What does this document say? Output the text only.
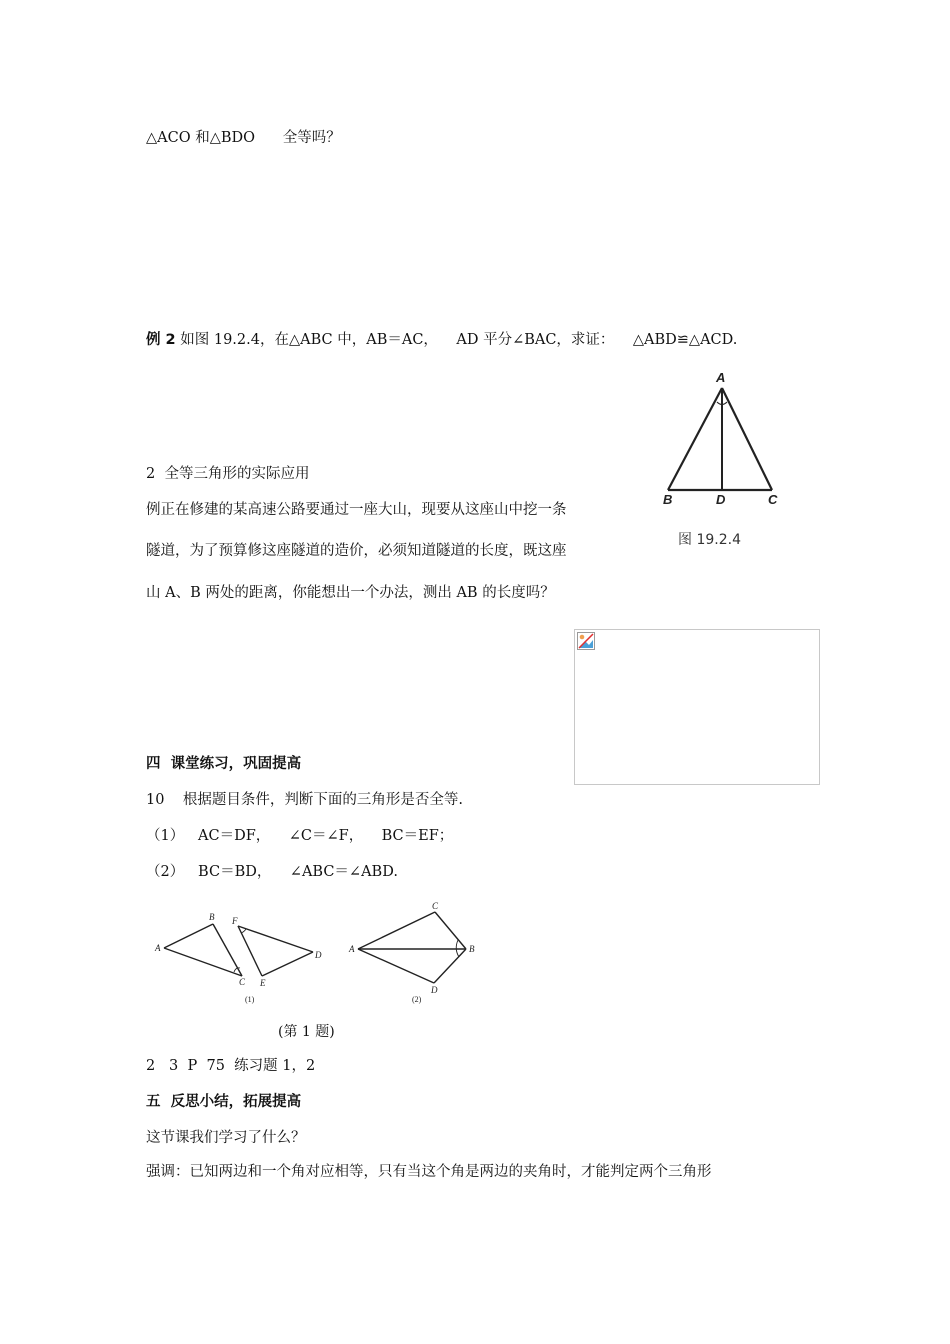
△ACO 和△BDO      全等吗？
例 2 如图 19.2.4，在△ABC 中，AB＝AC，    AD 平分∠BAC，求证：    △ABD≌△ACD.
A
B	D	C
图 19.2.4
2  全等三角形的实际应用
例正在修建的某高速公路要通过一座大山，现要从这座山中挖一条
隧道，为了预算修这座隧道的造价，必须知道隧道的长度，既这座
山 A、B 两处的距离，你能想出一个办法，测出 AB 的长度吗？
四  课堂练习，巩固提高
10    根据题目条件，判断下面的三角形是否全等.
（1）   AC＝DF，    ∠C＝∠F，    BC＝EF；
（2）   BC＝BD，    ∠ABC＝∠ABD.
A
B
C
F
E
D
(1)
A
C
B
D
(2)
(第 1 题)
2   3  P  75  练习题 1，2
五  反思小结，拓展提高
这节课我们学习了什么？
强调：已知两边和一个角对应相等，只有当这个角是两边的夹角时，才能判定两个三角形
